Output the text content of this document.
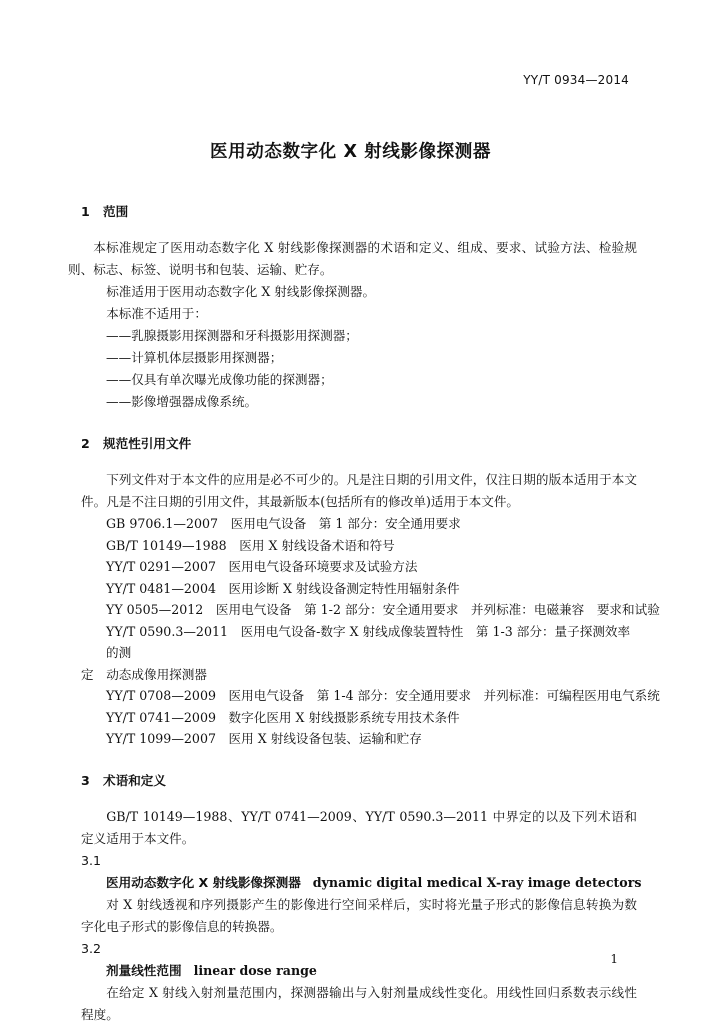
YY/T 0934—2014
医用动态数字化 X 射线影像探测器
1 范围
本标准规定了医用动态数字化 X 射线影像探测器的术语和定义、组成、要求、试验方法、检验规则、标志、标签、说明书和包装、运输、贮存。
标准适用于医用动态数字化 X 射线影像探测器。
本标准不适用于：
——乳腺摄影用探测器和牙科摄影用探测器；
——计算机体层摄影用探测器；
——仅具有单次曝光成像功能的探测器；
——影像增强器成像系统。
2 规范性引用文件
下列文件对于本文件的应用是必不可少的。凡是注日期的引用文件，仅注日期的版本适用于本文件。凡是不注日期的引用文件，其最新版本(包括所有的修改单)适用于本文件。
GB 9706.1—2007　医用电气设备　第 1 部分：安全通用要求
GB/T 10149—1988　医用 X 射线设备术语和符号
YY/T 0291—2007　医用电气设备环境要求及试验方法
YY/T 0481—2004　医用诊断 X 射线设备测定特性用辐射条件
YY 0505—2012　医用电气设备　第 1-2 部分：安全通用要求　并列标准：电磁兼容　要求和试验
YY/T 0590.3—2011　医用电气设备-数字 X 射线成像装置特性　第 1-3 部分：量子探测效率的测
定　动态成像用探测器
YY/T 0708—2009　医用电气设备　第 1-4 部分：安全通用要求　并列标准：可编程医用电气系统
YY/T 0741—2009　数字化医用 X 射线摄影系统专用技术条件
YY/T 1099—2007　医用 X 射线设备包装、运输和贮存
3 术语和定义
GB/T 10149—1988、YY/T 0741—2009、YY/T 0590.3—2011 中界定的以及下列术语和定义适用于本文件。
3.1
医用动态数字化 X 射线影像探测器 dynamic digital medical X-ray image detectors
对 X 射线透视和序列摄影产生的影像进行空间采样后，实时将光量子形式的影像信息转换为数字化电子形式的影像信息的转换器。
3.2
剂量线性范围 linear dose range
在给定 X 射线入射剂量范围内，探测器输出与入射剂量成线性变化。用线性回归系数表示线性程度。
1
